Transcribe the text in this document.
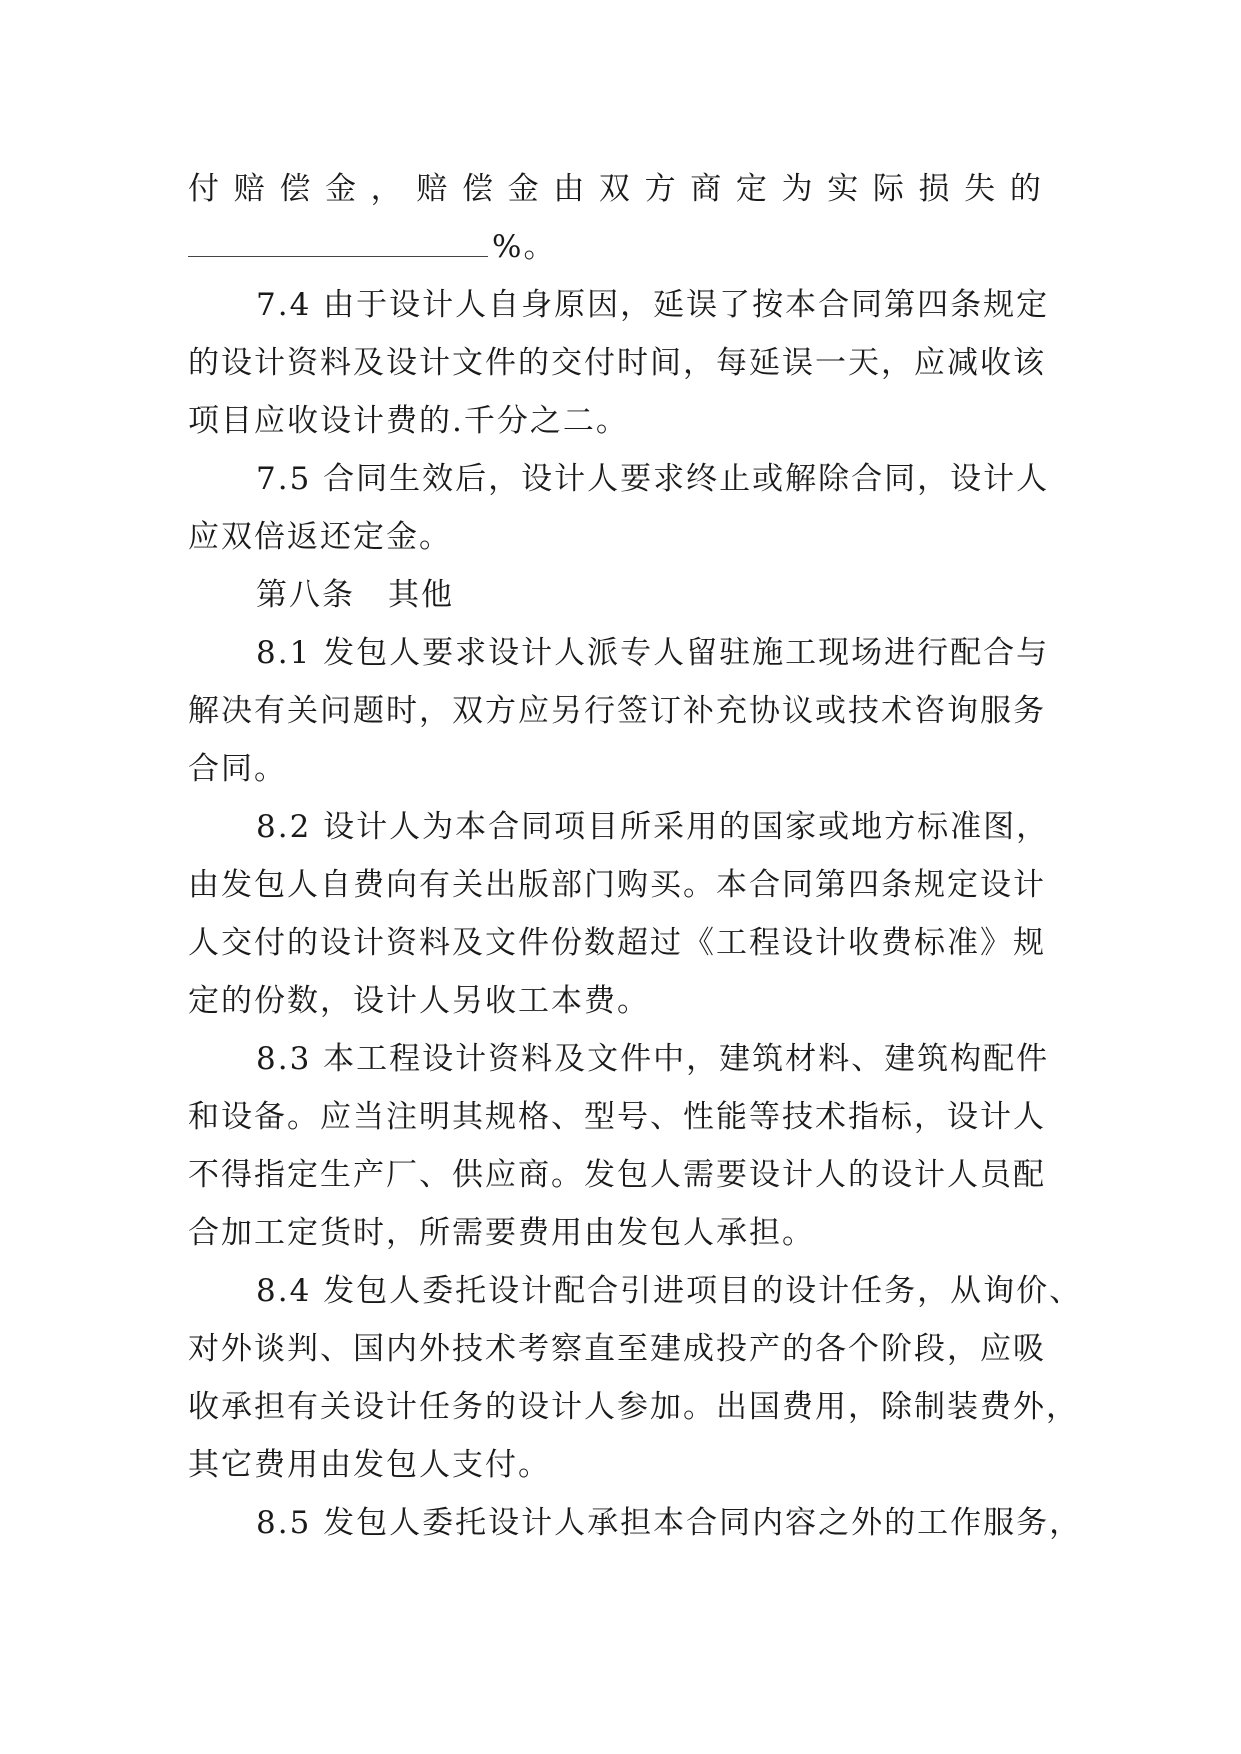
付 赔 偿 金 ， 赔 偿 金 由 双 方 商 定 为 实 际 损 失 的
%。
7.4 由于设计人自身原因，延误了按本合同第四条规定
的设计资料及设计文件的交付时间，每延误一天，应减收该
项目应收设计费的.千分之二。
7.5 合同生效后，设计人要求终止或解除合同，设计人
应双倍返还定金。
第八条　其他
8.1 发包人要求设计人派专人留驻施工现场进行配合与
解决有关问题时，双方应另行签订补充协议或技术咨询服务
合同。
8.2 设计人为本合同项目所采用的国家或地方标准图，
由发包人自费向有关出版部门购买。本合同第四条规定设计
人交付的设计资料及文件份数超过《工程设计收费标准》规
定的份数，设计人另收工本费。
8.3 本工程设计资料及文件中，建筑材料、建筑构配件
和设备。应当注明其规格、型号、性能等技术指标，设计人
不得指定生产厂、供应商。发包人需要设计人的设计人员配
合加工定货时，所需要费用由发包人承担。
8.4 发包人委托设计配合引进项目的设计任务，从询价、
对外谈判、国内外技术考察直至建成投产的各个阶段，应吸
收承担有关设计任务的设计人参加。出国费用，除制装费外，
其它费用由发包人支付。
8.5 发包人委托设计人承担本合同内容之外的工作服务，
